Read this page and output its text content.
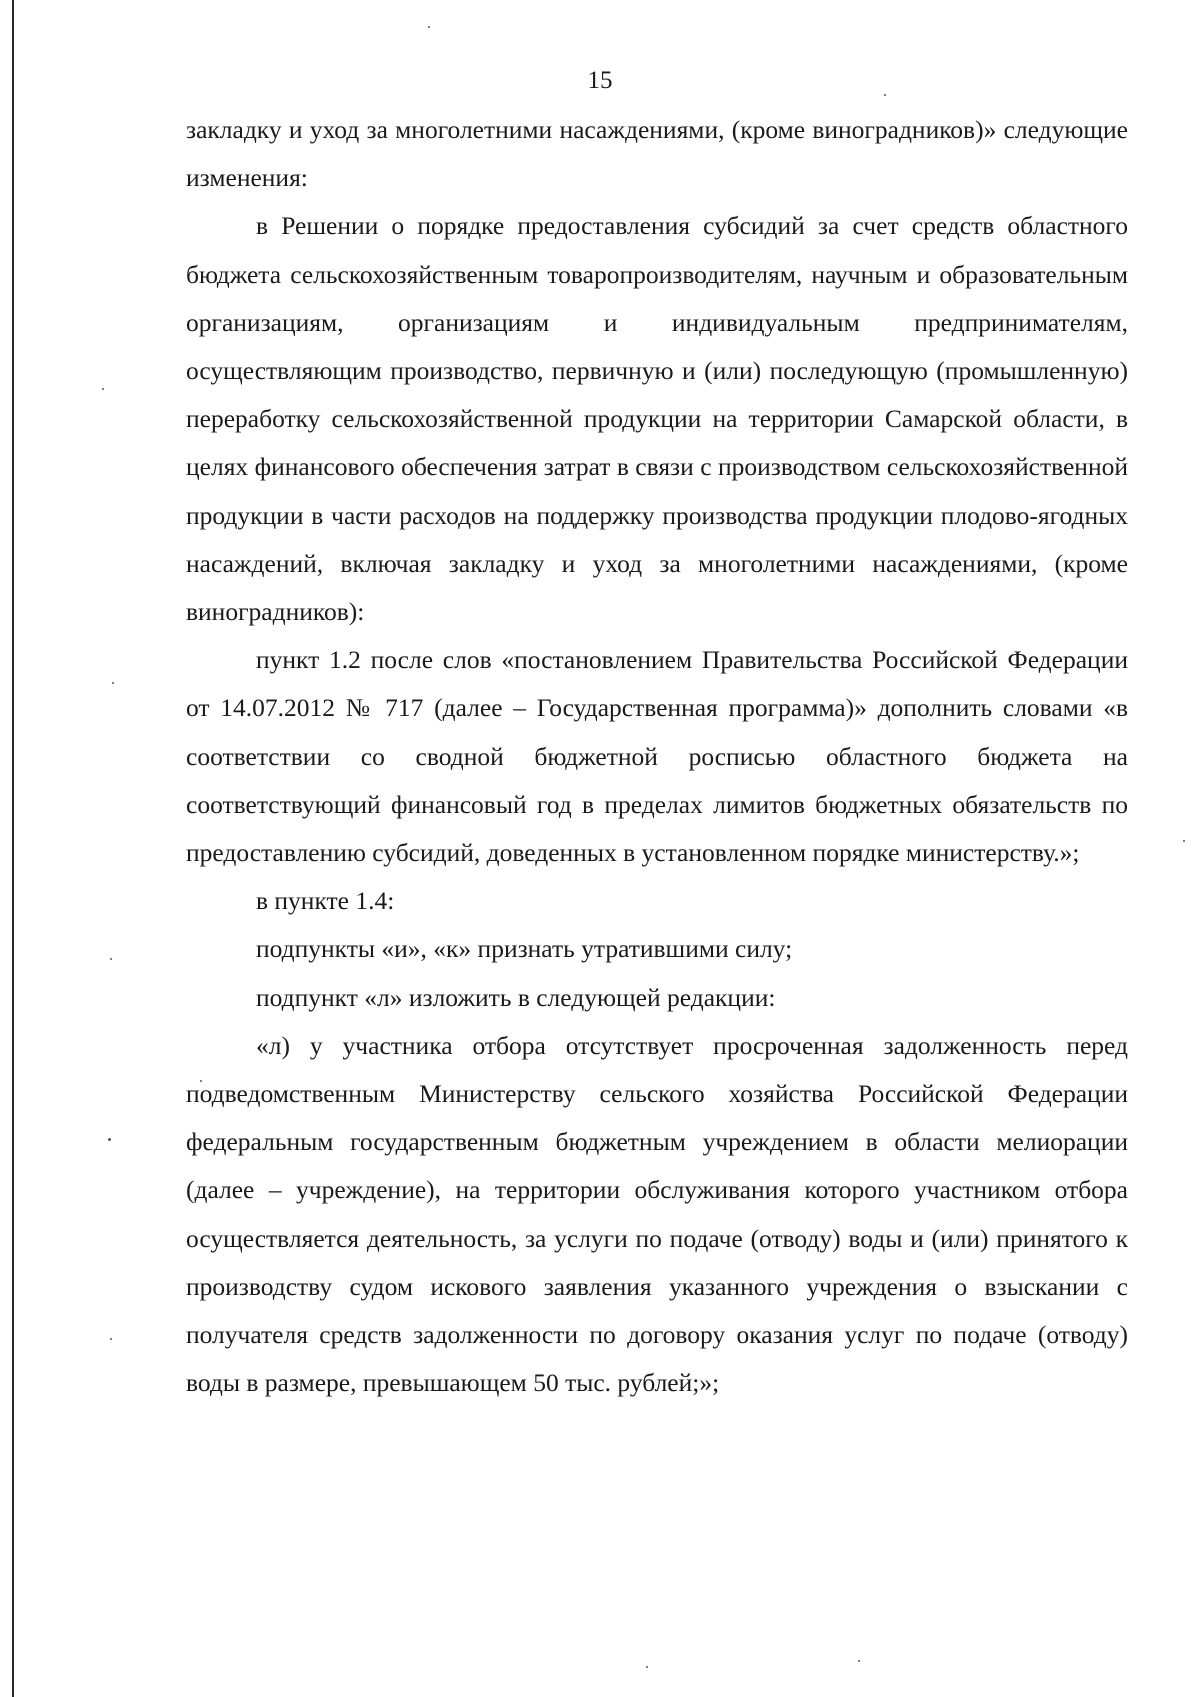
15

закладку и уход за многолетними насаждениями, (кроме виноградников)» следующие изменения:

в Решении о порядке предоставления субсидий за счет средств областного бюджета сельскохозяйственным товаропроизводителям, научным и образовательным организациям, организациям и индивидуальным предпринимателям, осуществляющим производство, первичную и (или) последующую (промышленную) переработку сельскохозяйственной продукции на территории Самарской области, в целях финансового обеспечения затрат в связи с производством сельскохозяйственной продукции в части расходов на поддержку производства продукции плодово-ягодных насаждений, включая закладку и уход за многолетними насаждениями, (кроме виноградников):

пункт 1.2 после слов «постановлением Правительства Российской Федерации от 14.07.2012 № 717 (далее – Государственная программа)» дополнить словами «в соответствии со сводной бюджетной росписью областного бюджета на соответствующий финансовый год в пределах лимитов бюджетных обязательств по предоставлению субсидий, доведенных в установленном порядке министерству.»;

в пункте 1.4:

подпункты «и», «к» признать утратившими силу;

подпункт «л» изложить в следующей редакции:

«л) у участника отбора отсутствует просроченная задолженность перед подведомственным Министерству сельского хозяйства Российской Федерации федеральным государственным бюджетным учреждением в области мелиорации (далее – учреждение), на территории обслуживания которого участником отбора осуществляется деятельность, за услуги по подаче (отводу) воды и (или) принятого к производству судом искового заявления указанного учреждения о взыскании с получателя средств задолженности по договору оказания услуг по подаче (отводу) воды в размере, превышающем 50 тыс. рублей;»;
